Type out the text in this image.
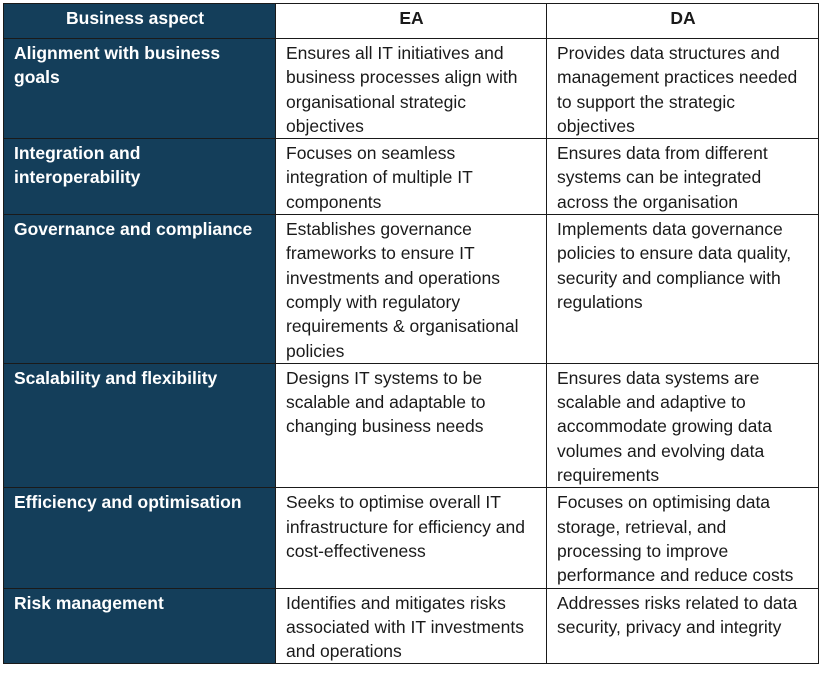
Business aspect	EA	DA
Alignment with business goals	Ensures all IT initiatives and business processes align with organisational strategic objectives	Provides data structures and management practices needed to support the strategic objectives
Integration and interoperability	Focuses on seamless integration of multiple IT components	Ensures data from different systems can be integrated across the organisation
Governance and compliance	Establishes governance frameworks to ensure IT investments and operations comply with regulatory requirements & organisational policies	Implements data governance policies to ensure data quality, security and compliance with regulations
Scalability and flexibility	Designs IT systems to be scalable and adaptable to changing business needs	Ensures data systems are scalable and adaptive to accommodate growing data volumes and evolving data requirements
Efficiency and optimisation	Seeks to optimise overall IT infrastructure for efficiency and cost-effectiveness	Focuses on optimising data storage, retrieval, and processing to improve performance and reduce costs
Risk management	Identifies and mitigates risks associated with IT investments and operations	Addresses risks related to data security, privacy and integrity
